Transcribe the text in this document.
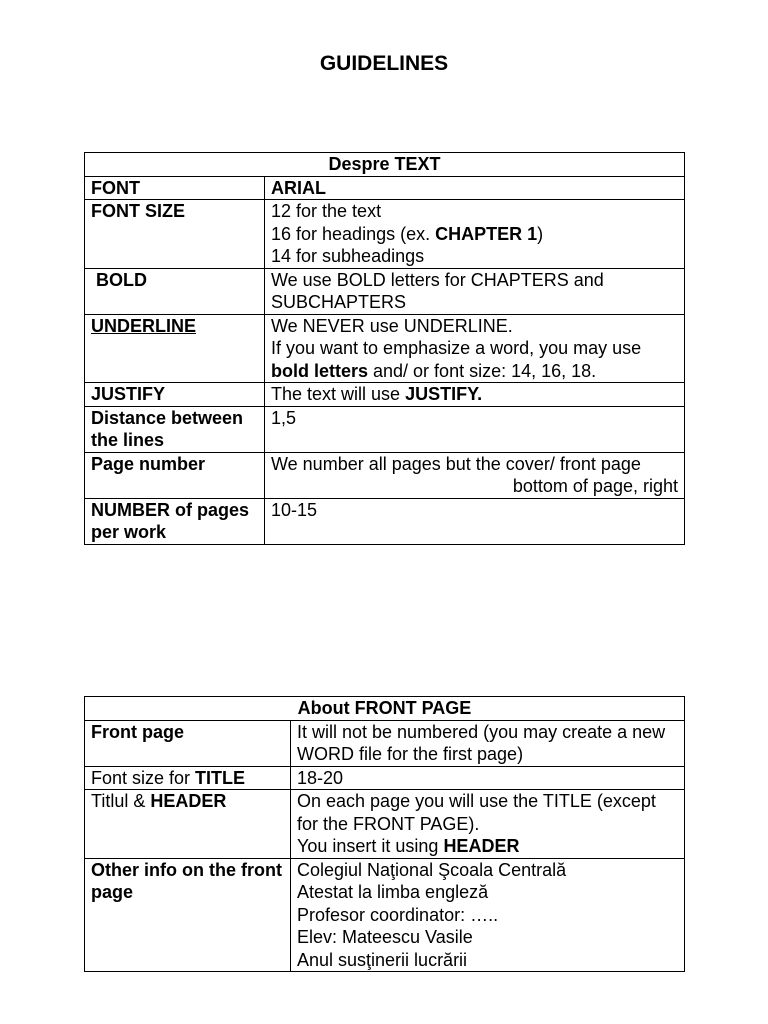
GUIDELINES
Despre TEXT	
FONT	ARIAL
FONT SIZE	12 for the text
16 for headings (ex. CHAPTER 1)
14 for subheadings

BOLD	We use BOLD letters for CHAPTERS and SUBCHAPTERS
UNDERLINE	We NEVER use UNDERLINE.
If you want to emphasize a word, you may use bold letters and/ or font size: 14, 16, 18.

JUSTIFY	The text will use JUSTIFY.
Distance between the lines	1,5
Page number	We number all pages but the cover/ front page
bottom of page, right

NUMBER of pages per work	10-15
About FRONT PAGE	
Front page	It will not be numbered (you may create a new WORD file for the first page)
Font size for TITLE	18-20
Titlul & HEADER	On each page you will use the TITLE (except for the FRONT PAGE).
You insert it using HEADER

Other info on the front page	Colegiul Naţional Şcoala Centrală
Atestat la limba engleză
Profesor coordinator: …..
Elev: Mateescu Vasile
Anul susţinerii lucrării
